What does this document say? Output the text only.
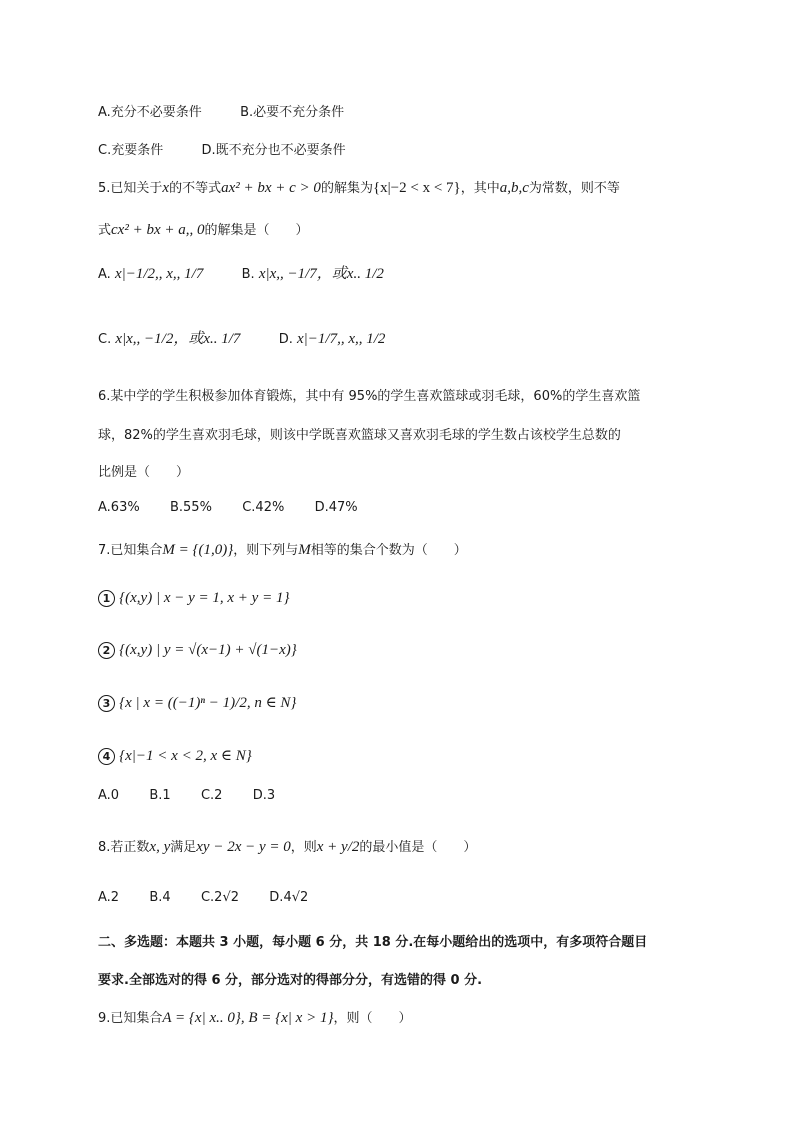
A.充分不必要条件	B.必要不充分条件
C.充要条件	D.既不充分也不必要条件
5.已知关于x的不等式ax² + bx + c > 0的解集为{x|−2 < x < 7}，其中a,b,c为常数，则不等
式cx² + bx + a,, 0的解集是（　　）
A. x|−1/2,, x,, 1/7	B. x|x,, −1/7，或x.. 1/2
C. x|x,, −1/2，或x.. 1/7	D. x|−1/7,, x,, 1/2
6.某中学的学生积极参加体育锻炼，其中有 95%的学生喜欢篮球或羽毛球，60%的学生喜欢篮
球，82%的学生喜欢羽毛球，则该中学既喜欢篮球又喜欢羽毛球的学生数占该校学生总数的
比例是（　　）
A.63% B.55% C.42% D.47%
7.已知集合M = {(1,0)}，则下列与M相等的集合个数为（　　）
1 {(x,y) | x − y = 1, x + y = 1}
2 {(x,y) | y = √(x−1) + √(1−x)}
3 {x | x = ((−1)ⁿ − 1)/2, n ∈ N}
4 {x|−1 < x < 2, x ∈ N}
A.0 B.1 C.2 D.3
8.若正数x, y满足xy − 2x − y = 0，则x + y/2的最小值是（　　）
A.2 B.4 C.2√2 D.4√2
二、多选题：本题共 3 小题，每小题 6 分，共 18 分.在每小题给出的选项中，有多项符合题目
要求.全部选对的得 6 分，部分选对的得部分分，有选错的得 0 分.
9.已知集合A = {x| x.. 0}, B = {x| x > 1}，则（　　）
